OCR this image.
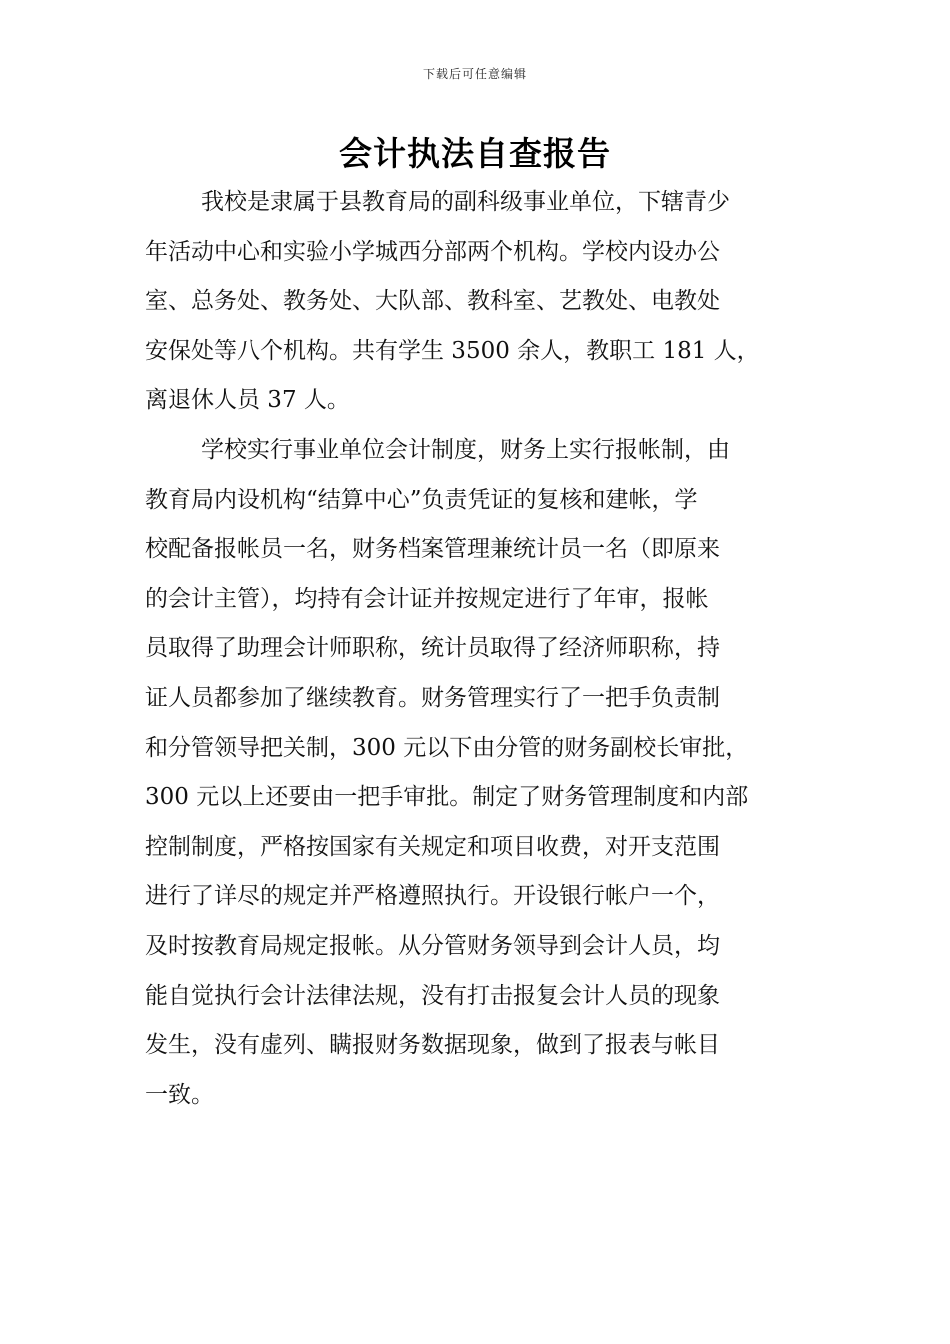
下载后可任意编辑
会计执法自查报告
我校是隶属于县教育局的副科级事业单位，下辖青少
年活动中心和实验小学城西分部两个机构。学校内设办公
室、总务处、教务处、大队部、教科室、艺教处、电教处
安保处等八个机构。共有学生 3500 余人，教职工 181 人，
离退休人员 37 人。
学校实行事业单位会计制度，财务上实行报帐制，由
教育局内设机构“结算中心”负责凭证的复核和建帐，学
校配备报帐员一名，财务档案管理兼统计员一名（即原来
的会计主管），均持有会计证并按规定进行了年审，报帐
员取得了助理会计师职称，统计员取得了经济师职称，持
证人员都参加了继续教育。财务管理实行了一把手负责制
和分管领导把关制，300 元以下由分管的财务副校长审批，
300 元以上还要由一把手审批。制定了财务管理制度和内部
控制制度，严格按国家有关规定和项目收费，对开支范围
进行了详尽的规定并严格遵照执行。开设银行帐户一个，
及时按教育局规定报帐。从分管财务领导到会计人员，均
能自觉执行会计法律法规，没有打击报复会计人员的现象
发生，没有虚列、瞒报财务数据现象，做到了报表与帐目
一致。
